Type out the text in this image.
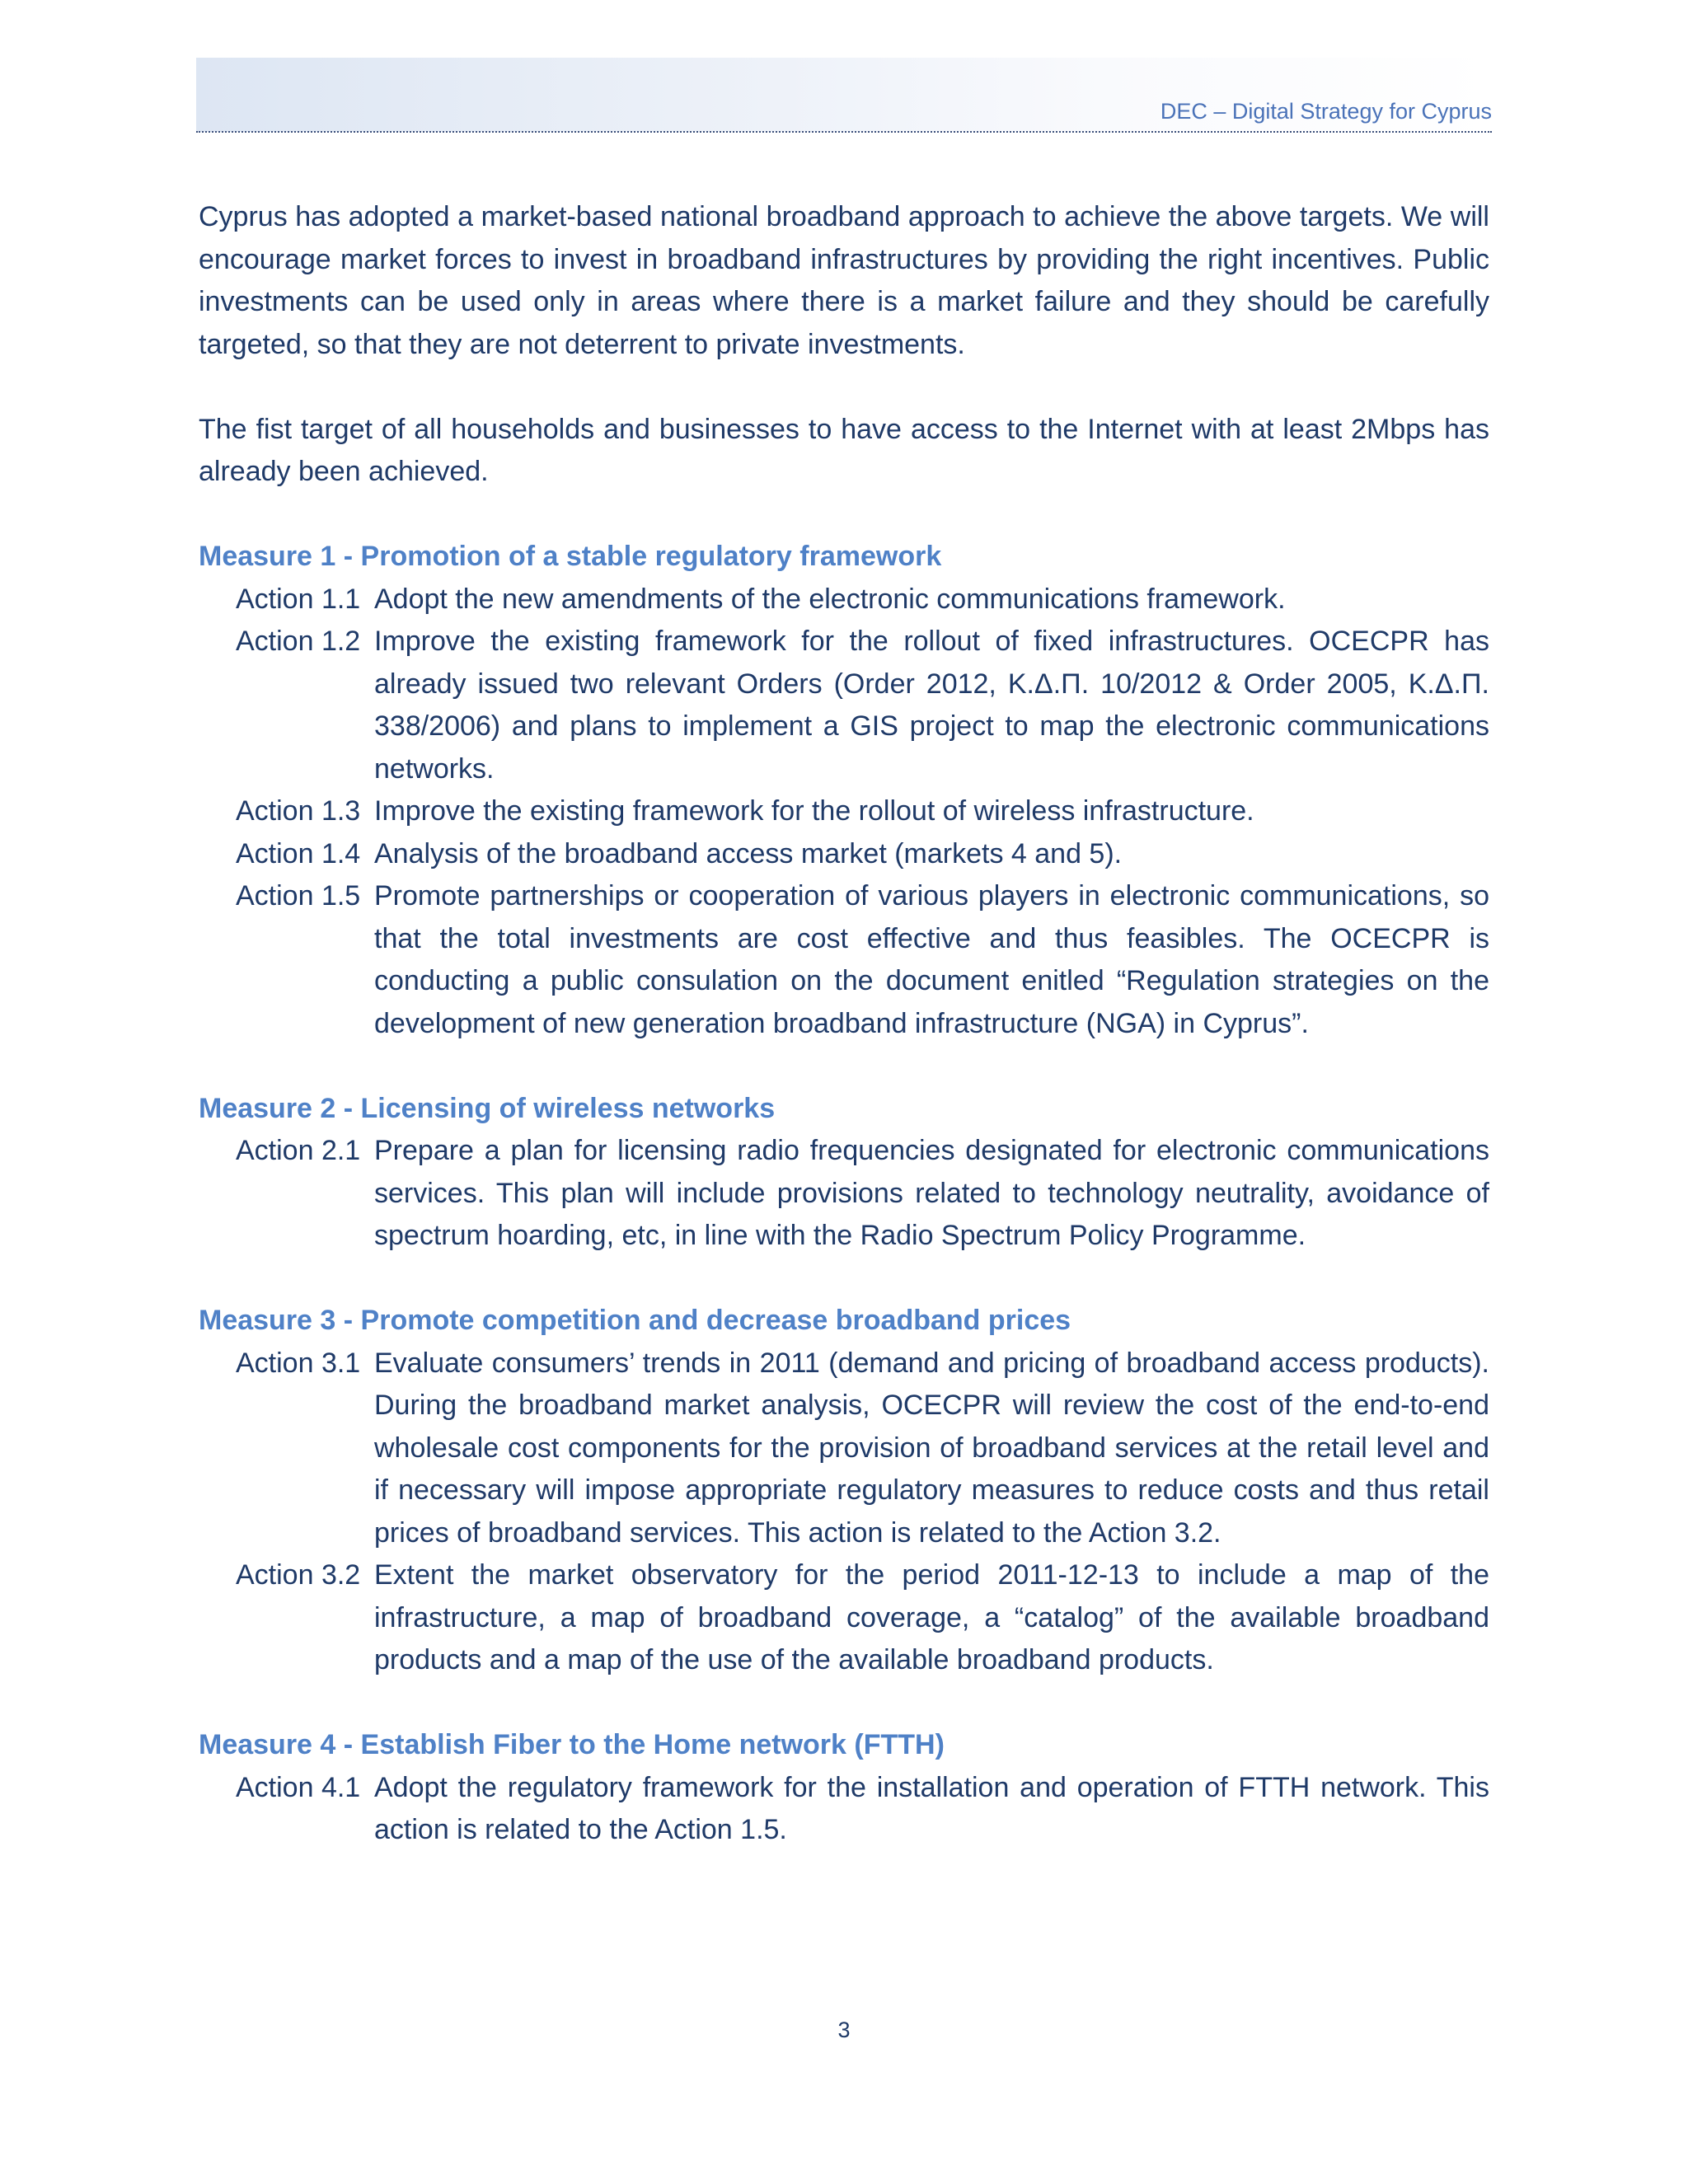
DEC – Digital Strategy for Cyprus

Cyprus has adopted a market-based national broadband approach to achieve the above targets. We will encourage market forces to invest in broadband infrastructures by providing the right incentives. Public investments can be used only in areas where there is a market failure and they should be carefully targeted, so that they are not deterrent to private investments.

The fist target of all households and businesses to have access to the Internet with at least 2Mbps has already been achieved.

Measure 1 - Promotion of a stable regulatory framework

Action 1.1 Adopt the new amendments of the electronic communications framework.
Action 1.2 Improve the existing framework for the rollout of fixed infrastructures. OCECPR has already issued two relevant Orders (Order 2012, Κ.Δ.Π. 10/2012 & Order 2005, Κ.Δ.Π. 338/2006) and plans to implement a GIS project to map the electronic communications networks.
Action 1.3 Improve the existing framework for the rollout of wireless infrastructure.
Action 1.4 Analysis of the broadband access market (markets 4 and 5).
Action 1.5 Promote partnerships or cooperation of various players in electronic communications, so that the total investments are cost effective and thus feasibles. The OCECPR is conducting a public consulation on the document enitled “Regulation strategies on the development of new generation broadband infrastructure (NGA) in Cyprus”.

Measure 2 - Licensing of wireless networks

Action 2.1 Prepare a plan for licensing radio frequencies designated for electronic communications services. This plan will include provisions related to technology neutrality, avoidance of spectrum hoarding, etc, in line with the Radio Spectrum Policy Programme.

Measure 3 - Promote competition and decrease broadband prices

Action 3.1 Evaluate consumers’ trends in 2011 (demand and pricing of broadband access products). During the broadband market analysis, OCECPR will review the cost of the end-to-end wholesale cost components for the provision of broadband services at the retail level and if necessary will impose appropriate regulatory measures to reduce costs and thus retail prices of broadband services. This action is related to the Action 3.2.
Action 3.2 Extent the market observatory for the period 2011-12-13 to include a map of the infrastructure, a map of broadband coverage, a “catalog” of the available broadband products and a map of the use of the available broadband products.

Measure 4 - Establish Fiber to the Home network (FTTH)

Action 4.1 Adopt the regulatory framework for the installation and operation of FTTH network. This action is related to the Action 1.5.
3
